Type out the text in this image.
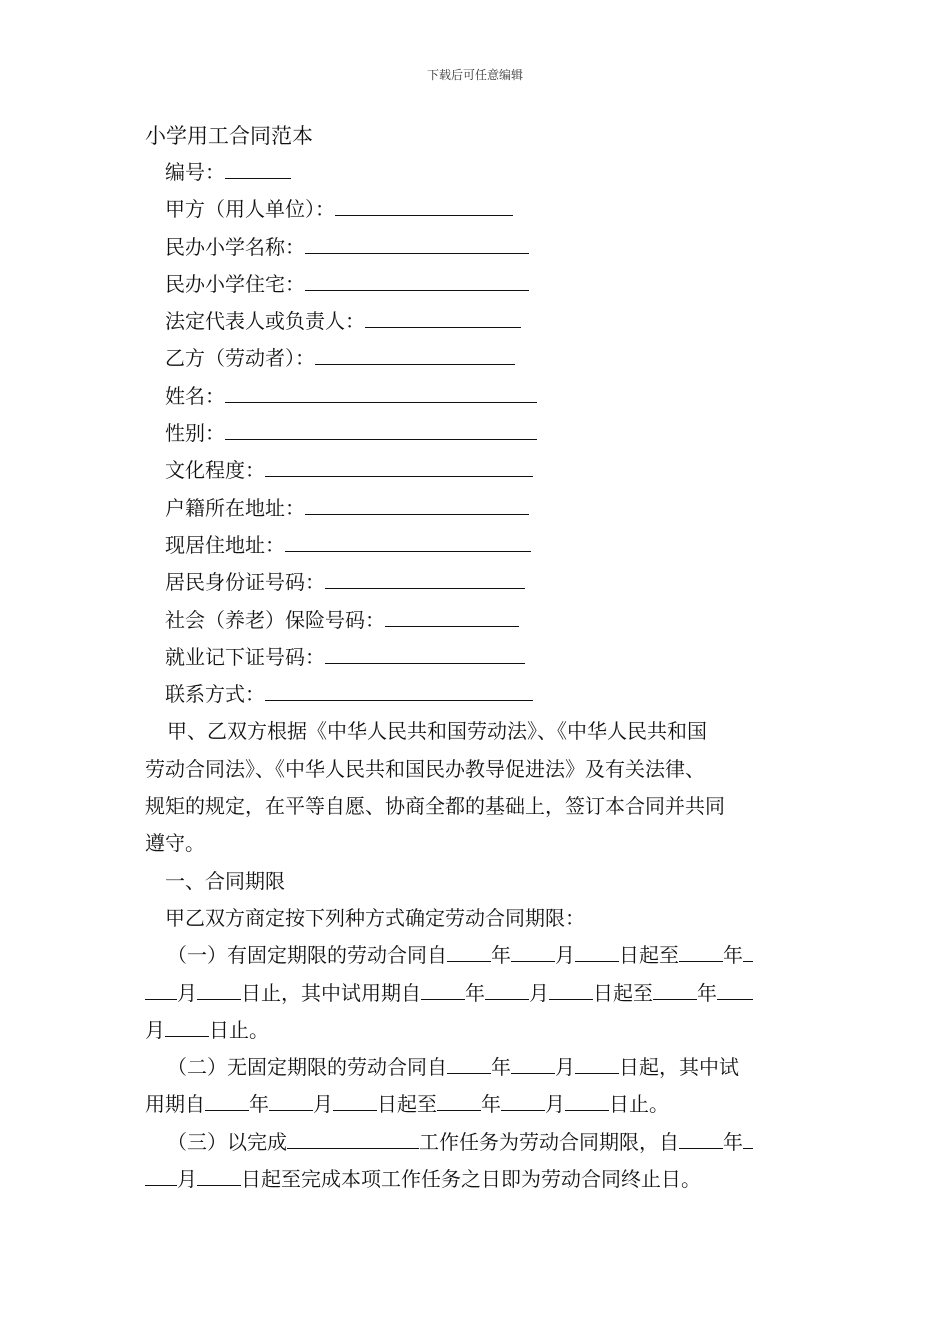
下载后可任意编辑
小学用工合同范本
编号：
甲方（用人单位）：
民办小学名称：
民办小学住宅：
法定代表人或负责人：
乙方（劳动者）：
姓名：
性别：
文化程度：
户籍所在地址：
现居住地址：
居民身份证号码：
社会（养老）保险号码：
就业记下证号码：
联系方式：
甲、乙双方根据《中华人民共和国劳动法》、《中华人民共和国
劳动合同法》、《中华人民共和国民办教导促进法》及有关法律、
规矩的规定，在平等自愿、协商全都的基础上，签订本合同并共同
遵守。
一、合同期限
甲乙双方商定按下列种方式确定劳动合同期限：
（一）有固定期限的劳动合同自 年 月 日起至 年
月 日止，其中试用期自 年 月 日起至 年
月 日止。
（二）无固定期限的劳动合同自 年 月 日起，其中试
用期自 年 月 日起至 年 月 日止。
（三）以完成	工作任务为劳动合同期限，自 年
月 日起至完成本项工作任务之日即为劳动合同终止日。
